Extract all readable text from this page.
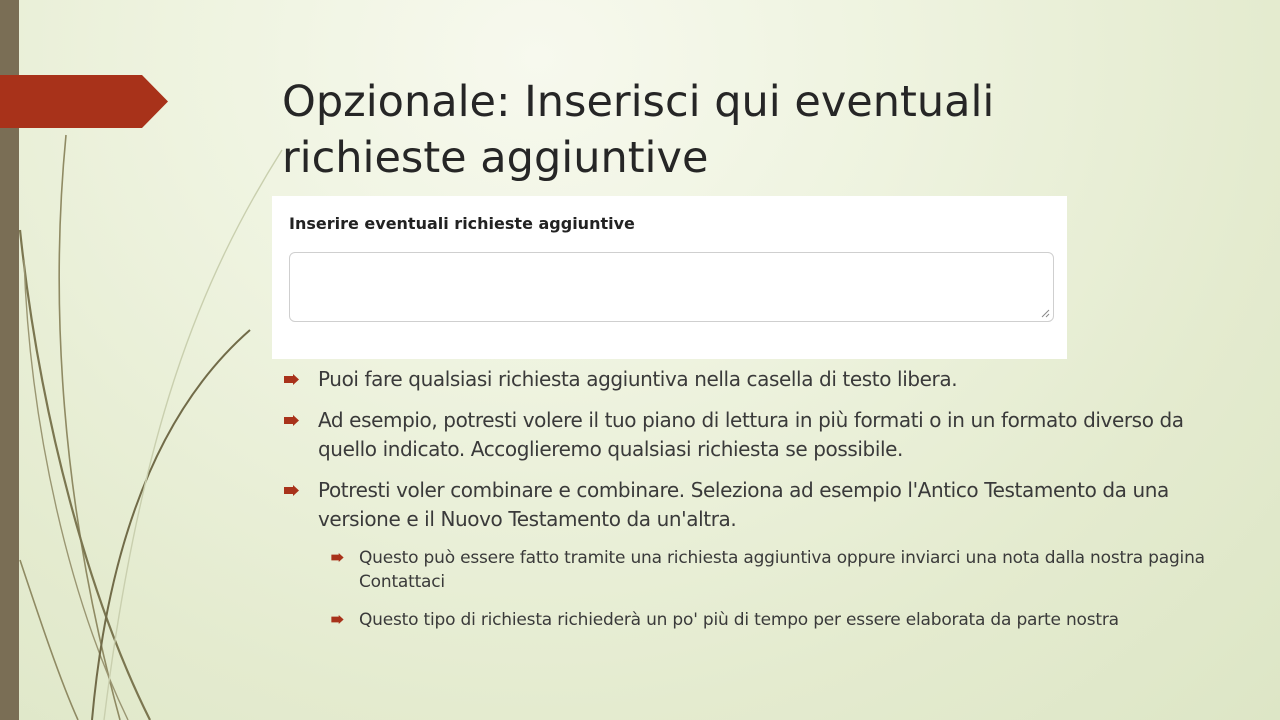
Opzionale: Inserisci qui eventuali richieste aggiuntive
Inserire eventuali richieste aggiuntive
Puoi fare qualsiasi richiesta aggiuntiva nella casella di testo libera.
Ad esempio, potresti volere il tuo piano di lettura in più formati o in un formato diverso da quello indicato. Accoglieremo qualsiasi richiesta se possibile.
Potresti voler combinare e combinare. Seleziona ad esempio l'Antico Testamento da una versione e il Nuovo Testamento da un'altra.
Questo può essere fatto tramite una richiesta aggiuntiva oppure inviarci una nota dalla nostra pagina Contattaci
Questo tipo di richiesta richiederà un po' più di tempo per essere elaborata da parte nostra
